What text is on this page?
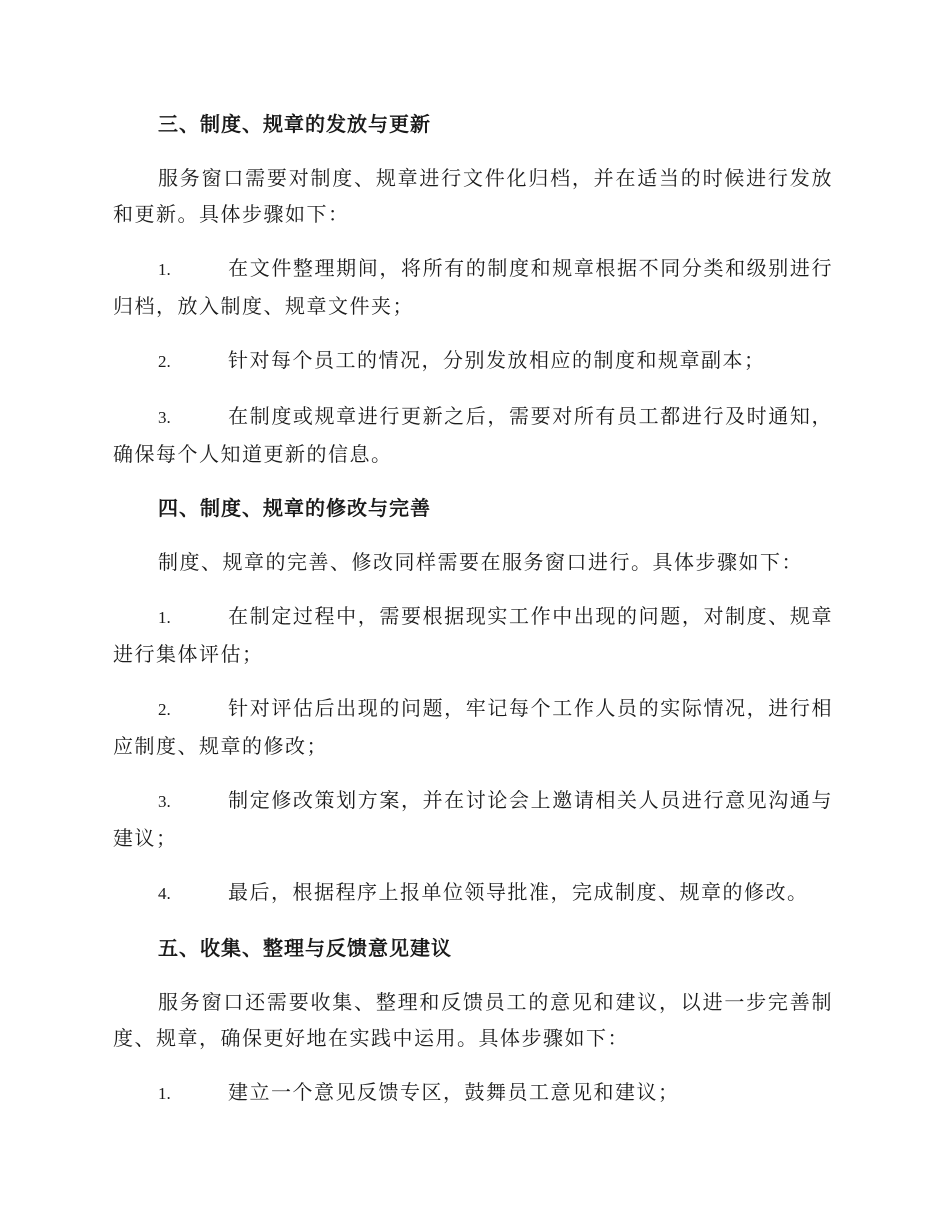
三、制度、规章的发放与更新
服务窗口需要对制度、规章进行文件化归档，并在适当的时候进行发放和更新。具体步骤如下：
1.	在文件整理期间，将所有的制度和规章根据不同分类和级别进行归档，放入制度、规章文件夹；
2.	针对每个员工的情况，分别发放相应的制度和规章副本；
3.	在制度或规章进行更新之后，需要对所有员工都进行及时通知，确保每个人知道更新的信息。
四、制度、规章的修改与完善
制度、规章的完善、修改同样需要在服务窗口进行。具体步骤如下：
1.	在制定过程中，需要根据现实工作中出现的问题，对制度、规章进行集体评估；
2.	针对评估后出现的问题，牢记每个工作人员的实际情况，进行相应制度、规章的修改；
3.	制定修改策划方案，并在讨论会上邀请相关人员进行意见沟通与建议；
4.	最后，根据程序上报单位领导批准，完成制度、规章的修改。
五、收集、整理与反馈意见建议
服务窗口还需要收集、整理和反馈员工的意见和建议，以进一步完善制度、规章，确保更好地在实践中运用。具体步骤如下：
1.	建立一个意见反馈专区，鼓舞员工意见和建议；
